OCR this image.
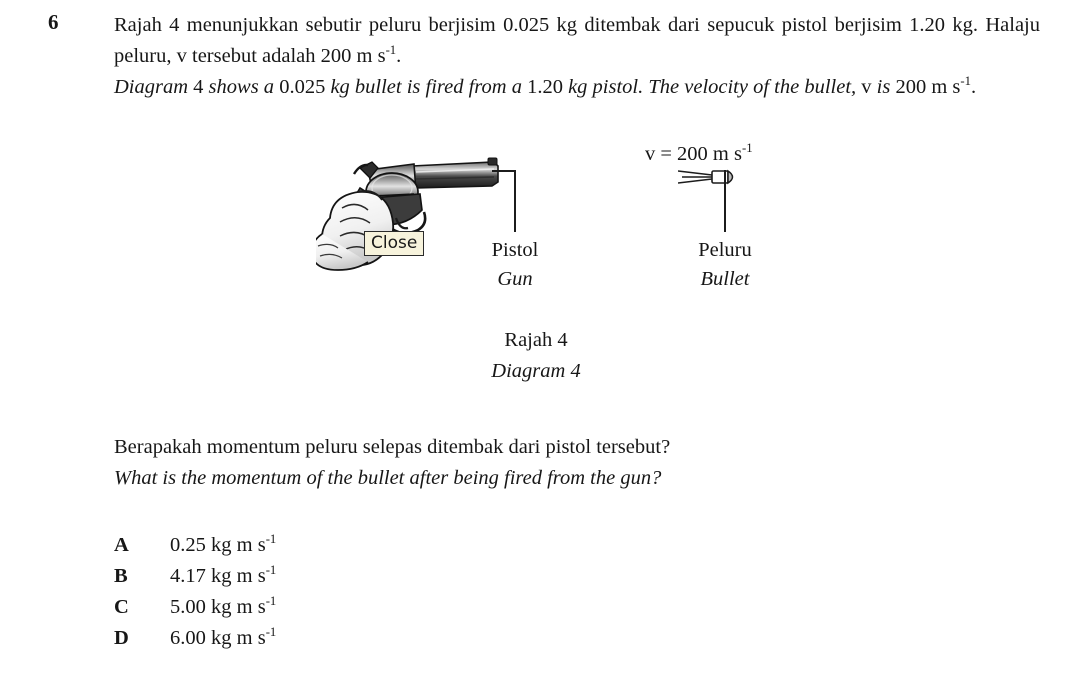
6	Rajah 4 menunjukkan sebutir peluru berjisim 0.025 kg ditembak dari sepucuk pistol berjisim 1.20 kg. Halaju peluru, v tersebut adalah 200 m $s^{-1}$.

Diagram 4 shows a 0.025 kg bullet is fired from a 1.20 kg pistol. The velocity of the bullet, v is 200 m $s^{-1}$.

v = 200 m $s^{-1}$
Pistol
Gun
Peluru
Bullet
Close
Rajah 4
Diagram 4

Berapakah momentum peluru selepas ditembak dari pistol tersebut?

What is the momentum of the bullet after being fired from the gun?

A	0.25 kg m $s^{-1}$
B	4.17 kg m $s^{-1}$
C	5.00 kg m $s^{-1}$
D	6.00 kg m $s^{-1}$
